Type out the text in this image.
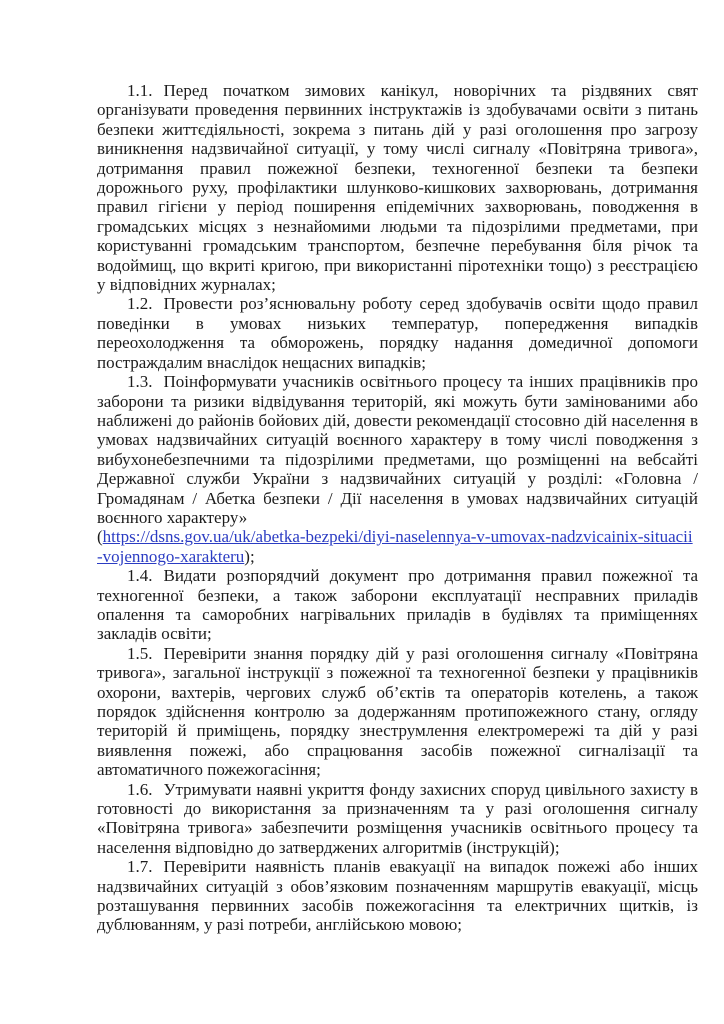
1.1. Перед початком зимових канікул, новорічних та різдвяних свят організувати проведення первинних інструктажів із здобувачами освіти з питань безпеки життєдіяльності, зокрема з питань дій у разі оголошення про загрозу виникнення надзвичайної ситуації, у тому числі сигналу «Повітряна тривога», дотримання правил пожежної безпеки, техногенної безпеки та безпеки дорожнього руху, профілактики шлунково-кишкових захворювань, дотримання правил гігієни у період поширення епідемічних захворювань, поводження в громадських місцях з незнайомими людьми та підозрілими предметами, при користуванні громадським транспортом, безпечне перебування біля річок та водоймищ, що вкриті кригою, при використанні піротехніки тощо) з реєстрацією у відповідних журналах;
1.2. Провести роз’яснювальну роботу серед здобувачів освіти щодо правил поведінки в умовах низьких температур, попередження випадків переохолодження та обморожень, порядку надання домедичної допомоги постраждалим внаслідок нещасних випадків;
1.3. Поінформувати учасників освітнього процесу та інших працівників про заборони та ризики відвідування територій, які можуть бути замінованими або наближені до районів бойових дій, довести рекомендації стосовно дій населення в умовах надзвичайних ситуацій воєнного характеру в тому числі поводження з вибухонебезпечними та підозрілими предметами, що розміщенні на вебсайті Державної служби України з надзвичайних ситуацій у розділі: «Головна / Громадянам / Абетка безпеки / Дії населення в умовах надзвичайних ситуацій воєнного характеру»
(https://dsns.gov.ua/uk/abetka-bezpeki/diyi-naselennya-v-umovax-nadzvicainix-situacii-vojennogo-xarakteru);
1.4. Видати розпорядчий документ про дотримання правил пожежної та техногенної безпеки, а також заборони експлуатації несправних приладів опалення та саморобних нагрівальних приладів в будівлях та приміщеннях закладів освіти;
1.5. Перевірити знання порядку дій у разі оголошення сигналу «Повітряна тривога», загальної інструкції з пожежної та техногенної безпеки у працівників охорони, вахтерів, чергових служб об’єктів та операторів котелень, а також порядок здійснення контролю за додержанням протипожежного стану, огляду територій й приміщень, порядку знеструмлення електромережі та дій у разі виявлення пожежі, або спрацювання засобів пожежної сигналізації та автоматичного пожежогасіння;
1.6. Утримувати наявні укриття фонду захисних споруд цивільного захисту в готовності до використання за призначенням та у разі оголошення сигналу «Повітряна тривога» забезпечити розміщення учасників освітнього процесу та населення відповідно до затверджених алгоритмів (інструкцій);
1.7. Перевірити наявність планів евакуації на випадок пожежі або інших надзвичайних ситуацій з обов’язковим позначенням маршрутів евакуації, місць розташування первинних засобів пожежогасіння та електричних щитків, із дублюванням, у разі потреби, англійською мовою;
